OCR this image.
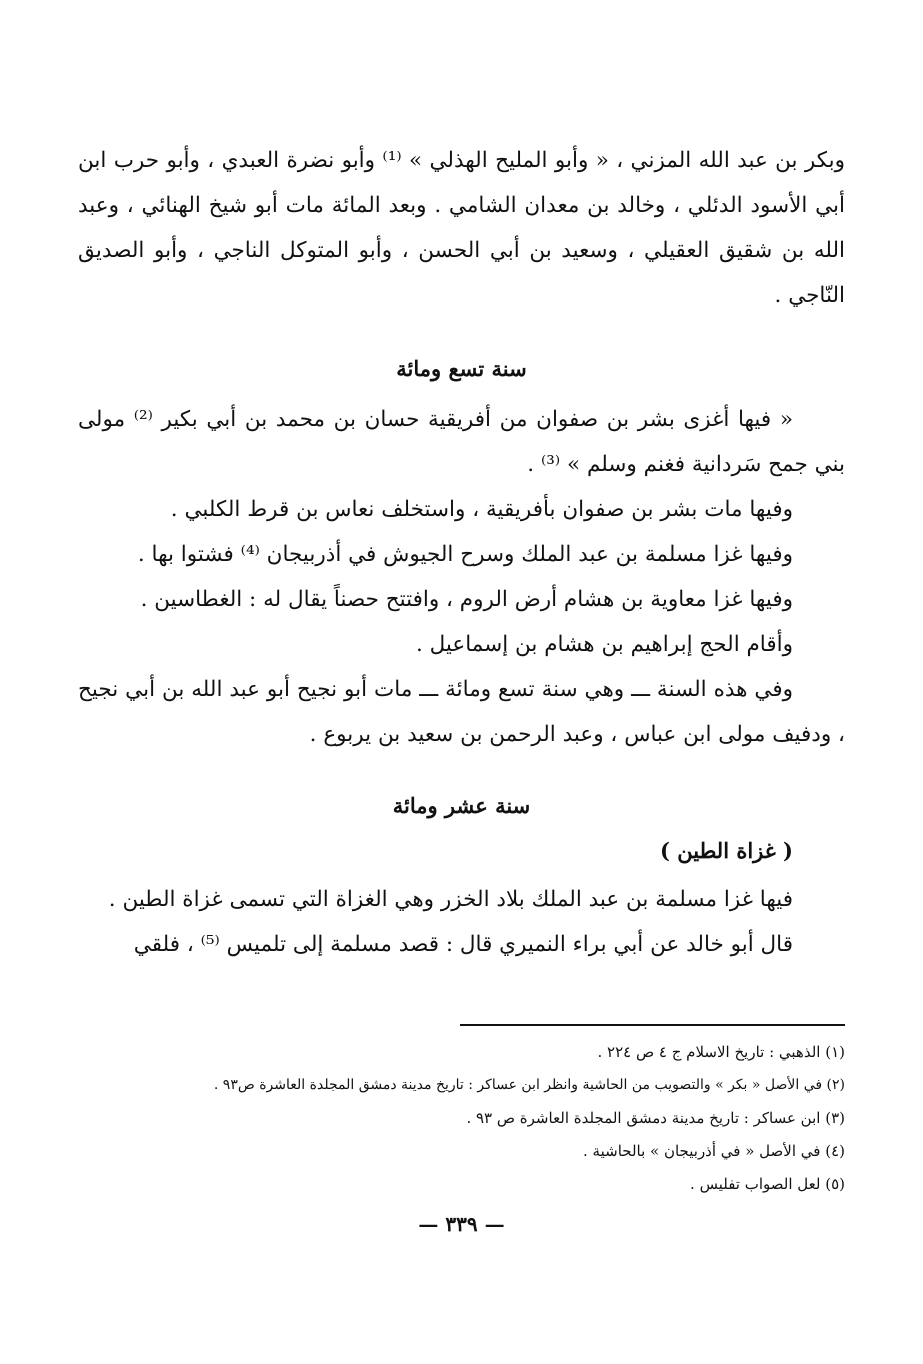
وبكر بن عبد الله المزني ، « وأبو المليح الهذلي » ⁽¹⁾ وأبو نضرة العبدي ، وأبو حرب ابن أبي الأسود الدئلي ، وخالد بن معدان الشامي . وبعد المائة مات أبو شيخ الهنائي ، وعبد الله بن شقيق العقيلي ، وسعيد بن أبي الحسن ، وأبو المتوكل الناجي ، وأبو الصديق النّاجي .

سنة تسع ومائة

« فيها أغزى بشر بن صفوان من أفريقية حسان بن محمد بن أبي بكير ⁽²⁾ مولى بني جمح سَردانية فغنم وسلم » ⁽³⁾ .

وفيها مات بشر بن صفوان بأفريقية ، واستخلف نعاس بن قرط الكلبي .

وفيها غزا مسلمة بن عبد الملك وسرح الجيوش في أذربيجان ⁽⁴⁾ فشتوا بها .

وفيها غزا معاوية بن هشام أرض الروم ، وافتتح حصناً يقال له : الغطاسين .

وأقام الحج إبراهيم بن هشام بن إسماعيل .

وفي هذه السنة ـــ وهي سنة تسع ومائة ـــ مات أبو نجيح أبو عبد الله بن أبي نجيح ، ودفيف مولى ابن عباس ، وعبد الرحمن بن سعيد بن يربوع .

سنة عشر ومائة

( غزاة الطين )

فيها غزا مسلمة بن عبد الملك بلاد الخزر وهي الغزاة التي تسمى غزاة الطين .

قال أبو خالد عن أبي براء النميري قال : قصد مسلمة إلى تلميس ⁽⁵⁾ ، فلقي

(١) الذهبي : تاريخ الاسلام ج ٤ ص ٢٢٤ .

(٢) في الأصل « بكر » والتصويب من الحاشية وانظر ابن عساكر : تاريخ مدينة دمشق المجلدة العاشرة ص٩٣ .

(٣) ابن عساكر : تاريخ مدينة دمشق المجلدة العاشرة ص ٩٣ .

(٤) في الأصل « في أذربيجان » بالحاشية .

(٥) لعل الصواب تفليس .

— ٣٣٩ —
